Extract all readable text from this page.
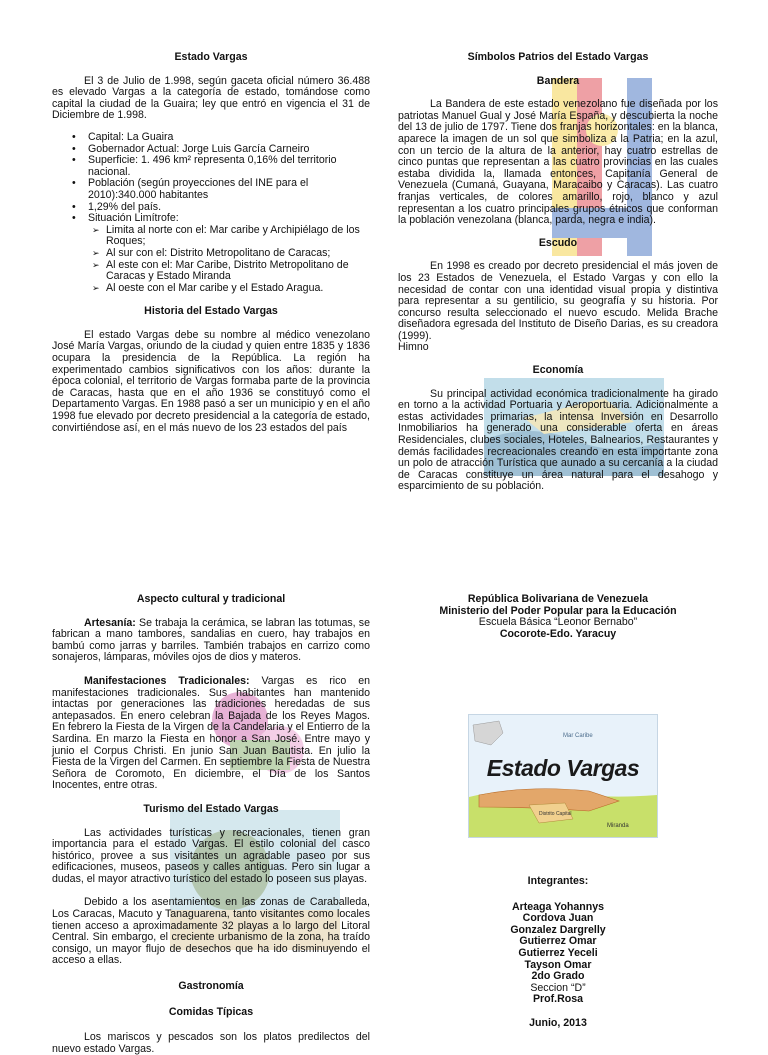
Estado Vargas

El 3 de Julio de 1.998, según gaceta oficial número 36.488 es elevado Vargas a la categoría de estado, tomándose como capital la ciudad de la Guaira; ley que entró en vigencia el 31 de Diciembre de 1.998.

• Capital: La Guaira
• Gobernador Actual: Jorge Luis García Carneiro
• Superficie: 1. 496 km² representa 0,16% del territorio nacional.
• Población (según proyecciones del INE para el 2010):340.000 habitantes
• 1,29% del país.
• Situación Limítrofe:
➢ Limita al norte con el: Mar caribe y Archipiélago de los Roques;
➢ Al sur con el: Distrito Metropolitano de Caracas;
➢ Al este con el: Mar Caribe, Distrito Metropolitano de Caracas y Estado Miranda
➢ Al oeste con el Mar caribe y el Estado Aragua.
Historia del Estado Vargas

El estado Vargas debe su nombre al médico venezolano José María Vargas, oriundo de la ciudad y quien entre 1835 y 1836 ocupara la presidencia de la República. La región ha experimentado cambios significativos con los años: durante la época colonial, el territorio de Vargas formaba parte de la provincia de Caracas, hasta que en el año 1936 se constituyó como el Departamento Vargas. En 1988 pasó a ser un municipio y en el año 1998 fue elevado por decreto presidencial a la categoría de estado, convirtiéndose así, en el más nuevo de los 23 estados del país

Símbolos Patrios del Estado Vargas
Bandera

La Bandera de este estado venezolano fue diseñada por los patriotas Manuel Gual y José María España, y descubierta la noche del 13 de julio de 1797. Tiene dos franjas horizontales: en la blanca, aparece la imagen de un sol que simboliza a la Patria; en la azul, con un tercio de la altura de la anterior, hay cuatro estrellas de cinco puntas que representan a las cuatro provincias en las cuales estaba dividida la, llamada entonces, Capitanía General de Venezuela (Cumaná, Guayana, Maracaibo y Caracas). Las cuatro franjas verticales, de colores amarillo, rojo, blanco y azul representan a los cuatro principales grupos étnicos que conforman la población venezolana (blanca, parda, negra e india).

Escudo

En 1998 es creado por decreto presidencial el más joven de los 23 Estados de Venezuela, el Estado Vargas y con ello la necesidad de contar con una identidad visual propia y distintiva para representar a su gentilicio, su geografía y su historia. Por concurso resulta seleccionado el nuevo escudo. Melida Brache diseñadora egresada del Instituto de Diseño Darias, es su creadora (1999).

Himno

Economía

Su principal actividad económica tradicionalmente ha girado en torno a la actividad Portuaria y Aeroportuaria. Adicionalmente a estas actividades primarias, la intensa Inversión en Desarrollo Inmobiliarios ha generado una considerable oferta en áreas Residenciales, clubes sociales, Hoteles, Balnearios, Restaurantes y demás facilidades recreacionales creando en esta importante zona un polo de atracción Turística que aunado a su cercanía a la ciudad de Caracas constituye un área natural para el desahogo y esparcimiento de su población.

Aspecto cultural y tradicional

Artesanía: Se trabaja la cerámica, se labran las totumas, se fabrican a mano tambores, sandalias en cuero, hay trabajos en bambú como jarras y barriles. También trabajos en carrizo como sonajeros, lámparas, móviles ojos de dios y materos.

Manifestaciones Tradicionales: Vargas es rico en manifestaciones tradicionales. Sus habitantes han mantenido intactas por generaciones las tradiciones heredadas de sus antepasados. En enero celebran la Bajada de los Reyes Magos. En febrero la Fiesta de la Virgen de la Candelaria y el Entierro de la Sardina. En marzo la Fiesta en honor a San José. Entre mayo y junio el Corpus Christi. En junio San Juan Bautista. En julio la Fiesta de la Virgen del Carmen. En septiembre la Fiesta de Nuestra Señora de Coromoto, En diciembre, el Día de los Santos Inocentes, entre otras.

Turismo del Estado Vargas

Las actividades turísticas y recreacionales, tienen gran importancia para el estado Vargas. El estilo colonial del casco histórico, provee a sus visitantes un agradable paseo por sus edificaciones, museos, paseos y calles antiguas. Pero sin lugar a dudas, el mayor atractivo turístico del estado lo poseen sus playas.

Debido a los asentamientos en las zonas de Caraballeda, Los Caracas, Macuto y Tanaguarena, tanto visitantes como locales tienen acceso a aproximadamente 32 playas a lo largo del Litoral Central. Sin embargo, el creciente urbanismo de la zona, ha traído consigo, un mayor flujo de desechos que ha ido disminuyendo el acceso a ellas.

Gastronomía
Comidas Típicas

Los mariscos y pescados son los platos predilectos del nuevo estado Vargas.

República Bolivariana de Venezuela
Ministerio del Poder Popular para la Educación
Escuela Básica “Leonor Bernabo”
Cocorote-Edo. Yaracuy
Mar Caribe
Miranda
Distrito Capital
Estado Vargas
Integrantes:
Arteaga Yohannys
Cordova Juan
Gonzalez Dargrelly
Gutierrez Omar
Gutierrez Yeceli
Tayson Omar
2do Grado
Seccion “D”
Prof.Rosa
Junio, 2013
